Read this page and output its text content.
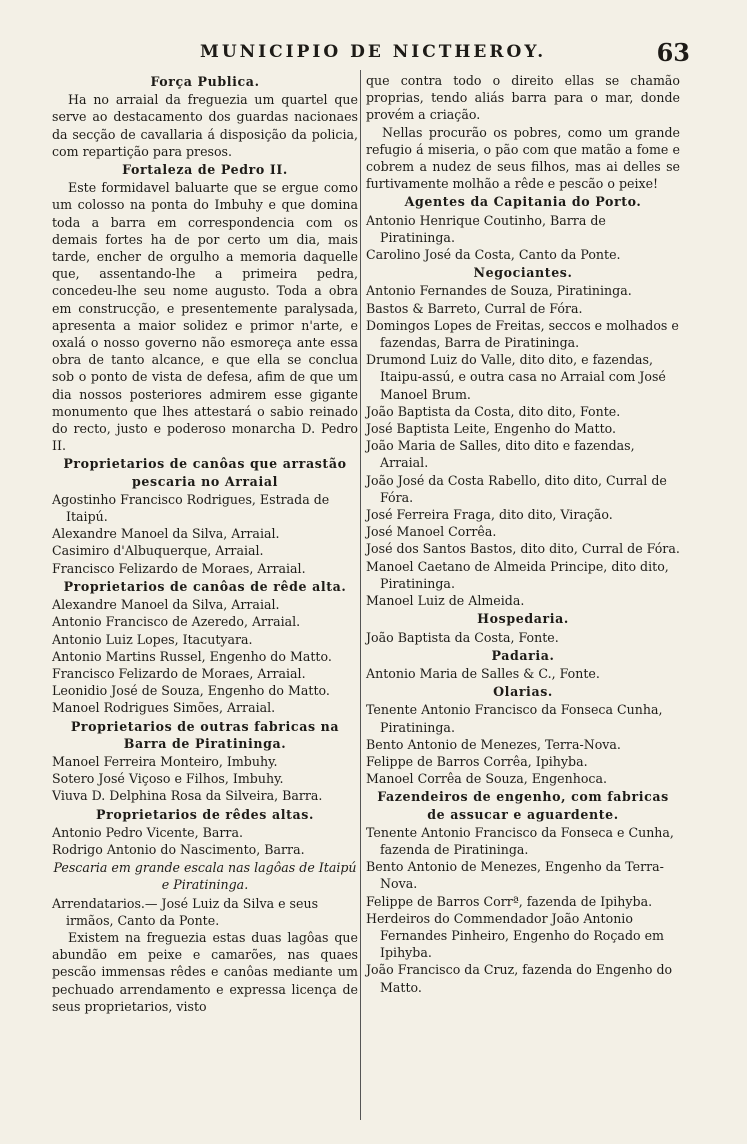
MUNICIPIO DE NICTHEROY.	63
Força Publica.

Ha no arraial da freguezia um quartel que serve ao destacamento dos guardas nacionaes da secção de cavallaria á disposição da policia, com repartição para presos.

Fortaleza de Pedro II.

Este formidavel baluarte que se ergue como um colosso na ponta do Imbuhy e que domina toda a barra em correspondencia com os demais fortes ha de por certo um dia, mais tarde, encher de orgulho a memoria daquelle que, assentando-lhe a primeira pedra, concedeu-lhe seu nome augusto. Toda a obra em construcção, e presentemente paralysada, apresenta a maior solidez e primor n'arte, e oxalá o nosso governo não esmoreça ante essa obra de tanto alcance, e que ella se conclua sob o ponto de vista de defesa, afim de que um dia nossos posteriores admirem esse gigante monumento que lhes attestará o sabio reinado do recto, justo e poderoso monarcha D. Pedro II.

Proprietarios de canôas que arrastão pescaria no Arraial

Agostinho Francisco Rodrigues, Estrada de Itaipú.

Alexandre Manoel da Silva, Arraial.

Casimiro d'Albuquerque, Arraial.

Francisco Felizardo de Moraes, Arraial.

Proprietarios de canôas de rêde alta.

Alexandre Manoel da Silva, Arraial.

Antonio Francisco de Azeredo, Arraial.

Antonio Luiz Lopes, Itacutyara.

Antonio Martins Russel, Engenho do Matto.

Francisco Felizardo de Moraes, Arraial.

Leonidio José de Souza, Engenho do Matto.

Manoel Rodrigues Simões, Arraial.

Proprietarios de outras fabricas na Barra de Piratininga.

Manoel Ferreira Monteiro, Imbuhy.

Sotero José Viçoso e Filhos, Imbuhy.

Viuva D. Delphina Rosa da Silveira, Barra.

Proprietarios de rêdes altas.

Antonio Pedro Vicente, Barra.

Rodrigo Antonio do Nascimento, Barra.

Pescaria em grande escala nas lagôas de Itaipú e Piratininga.

Arrendatarios.— José Luiz da Silva e seus irmãos, Canto da Ponte.

Existem na freguezia estas duas lagôas que abundão em peixe e camarões, nas quaes pescão immensas rêdes e canôas mediante um pechuado arrendamento e expressa licença de seus proprietarios, visto

que contra todo o direito ellas se chamão proprias, tendo aliás barra para o mar, donde provém a criação.

Nellas procurão os pobres, como um grande refugio á miseria, o pão com que matão a fome e cobrem a nudez de seus filhos, mas ai delles se furtivamente molhão a rêde e pescão o peixe!

Agentes da Capitania do Porto.

Antonio Henrique Coutinho, Barra de Piratininga.

Carolino José da Costa, Canto da Ponte.

Negociantes.

Antonio Fernandes de Souza, Piratininga.

Bastos & Barreto, Curral de Fóra.

Domingos Lopes de Freitas, seccos e molhados e fazendas, Barra de Piratininga.

Drumond Luiz do Valle, dito dito, e fazendas, Itaipu-assú, e outra casa no Arraial com José Manoel Brum.

João Baptista da Costa, dito dito, Fonte.

José Baptista Leite, Engenho do Matto.

João Maria de Salles, dito dito e fazendas, Arraial.

João José da Costa Rabello, dito dito, Curral de Fóra.

José Ferreira Fraga, dito dito, Viração.

José Manoel Corrêa.

José dos Santos Bastos, dito dito, Curral de Fóra.

Manoel Caetano de Almeida Principe, dito dito, Piratininga.

Manoel Luiz de Almeida.

Hospedaria.

João Baptista da Costa, Fonte.

Padaria.

Antonio Maria de Salles & C., Fonte.

Olarias.

Tenente Antonio Francisco da Fonseca Cunha, Piratininga.

Bento Antonio de Menezes, Terra-Nova.

Felippe de Barros Corrêa, Ipihyba.

Manoel Corrêa de Souza, Engenhoca.

Fazendeiros de engenho, com fabricas de assucar e aguardente.

Tenente Antonio Francisco da Fonseca e Cunha, fazenda de Piratininga.

Bento Antonio de Menezes, Engenho da Terra-Nova.

Felippe de Barros Corrª, fazenda de Ipihyba.

Herdeiros do Commendador João Antonio Fernandes Pinheiro, Engenho do Roçado em Ipihyba.

João Francisco da Cruz, fazenda do Engenho do Matto.
